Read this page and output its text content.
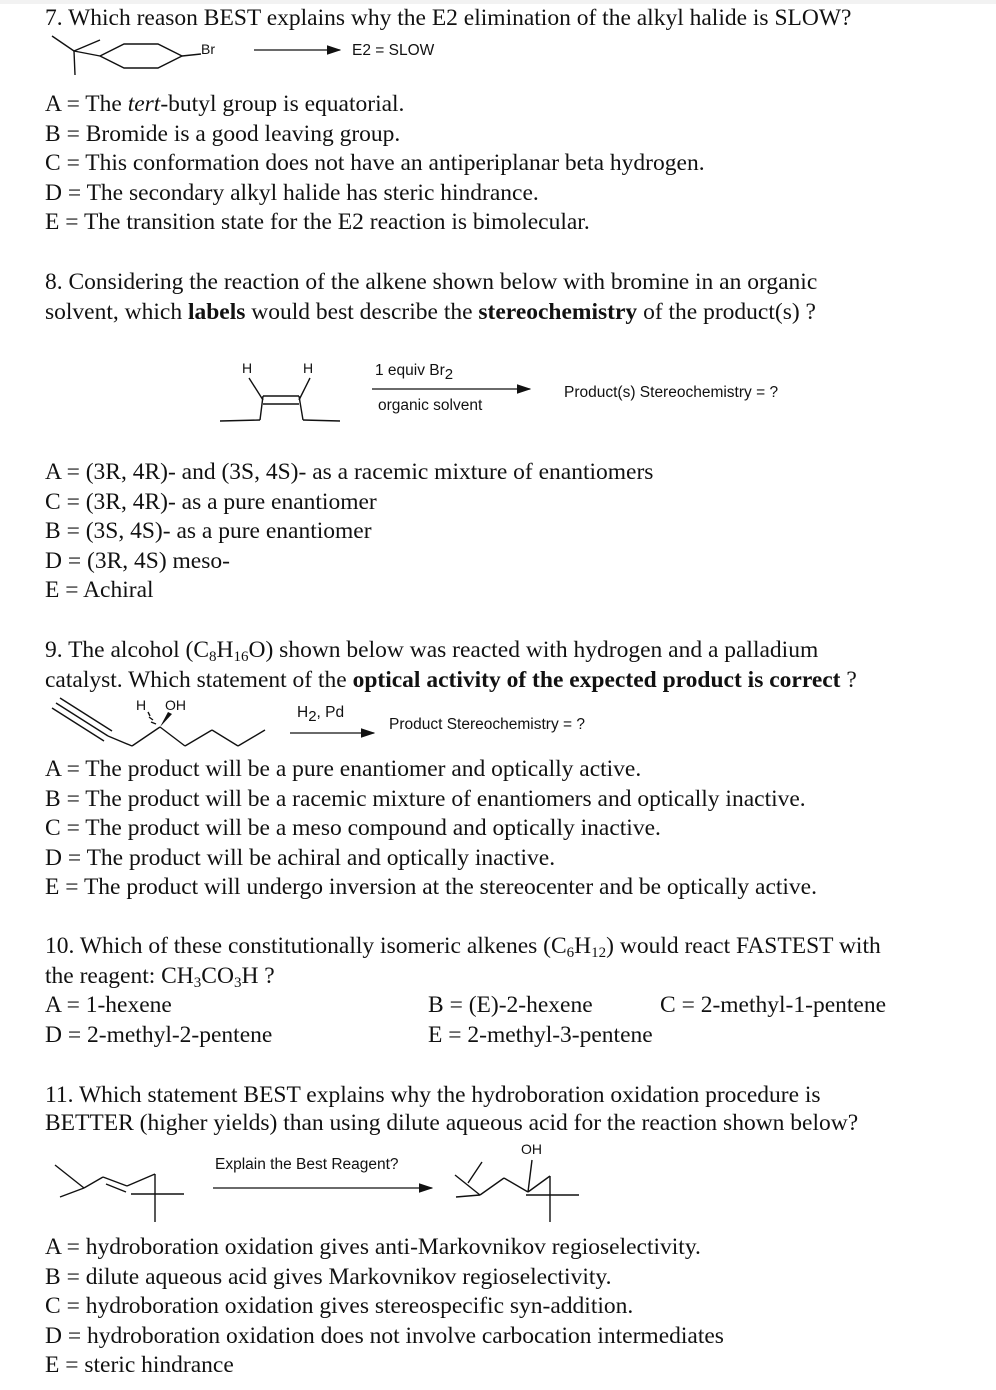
7. Which reason BEST explains why the E2 elimination of the alkyl halide is SLOW?
Br	E2 = SLOW
A = The tert-butyl group is equatorial.
B = Bromide is a good leaving group.
C = This conformation does not have an antiperiplanar beta hydrogen.
D = The secondary alkyl halide has steric hindrance.
E = The transition state for the E2 reaction is bimolecular.
8. Considering the reaction of the alkene shown below with bromine in an organic
solvent, which labels would best describe the stereochemistry of the product(s) ?
H	H	1 equiv $Br_2$
organic solvent
Product(s) Stereochemistry = ?
A = (3R, 4R)- and (3S, 4S)- as a racemic mixture of enantiomers
C = (3R, 4R)- as a pure enantiomer
B = (3S, 4S)- as a pure enantiomer
D = (3R, 4S) meso-
E = Achiral
9. The alcohol $(C_8H_{16}O)$ shown below was reacted with hydrogen and a palladium
catalyst. Which statement of the optical activity of the expected product is correct ?
H OH	$H_2$, Pd
Product Stereochemistry = ?
A = The product will be a pure enantiomer and optically active.
B = The product will be a racemic mixture of enantiomers and optically inactive.
C = The product will be a meso compound and optically inactive.
D = The product will be achiral and optically inactive.
E = The product will undergo inversion at the stereocenter and be optically active.
10. Which of these constitutionally isomeric alkenes $(C_6H_{12})$ would react FASTEST with
the reagent: $CH_3CO_3H$ ?
A = 1-hexene	B = (E)-2-hexene	C = 2-methyl-1-pentene
D = 2-methyl-2-pentene	E = 2-methyl-3-pentene
11. Which statement BEST explains why the hydroboration oxidation procedure is
BETTER (higher yields) than using dilute aqueous acid for the reaction shown below?
Explain the Best Reagent?
OH
A = hydroboration oxidation gives anti-Markovnikov regioselectivity.
B = dilute aqueous acid gives Markovnikov regioselectivity.
C = hydroboration oxidation gives stereospecific syn-addition.
D = hydroboration oxidation does not involve carbocation intermediates
E = steric hindrance
